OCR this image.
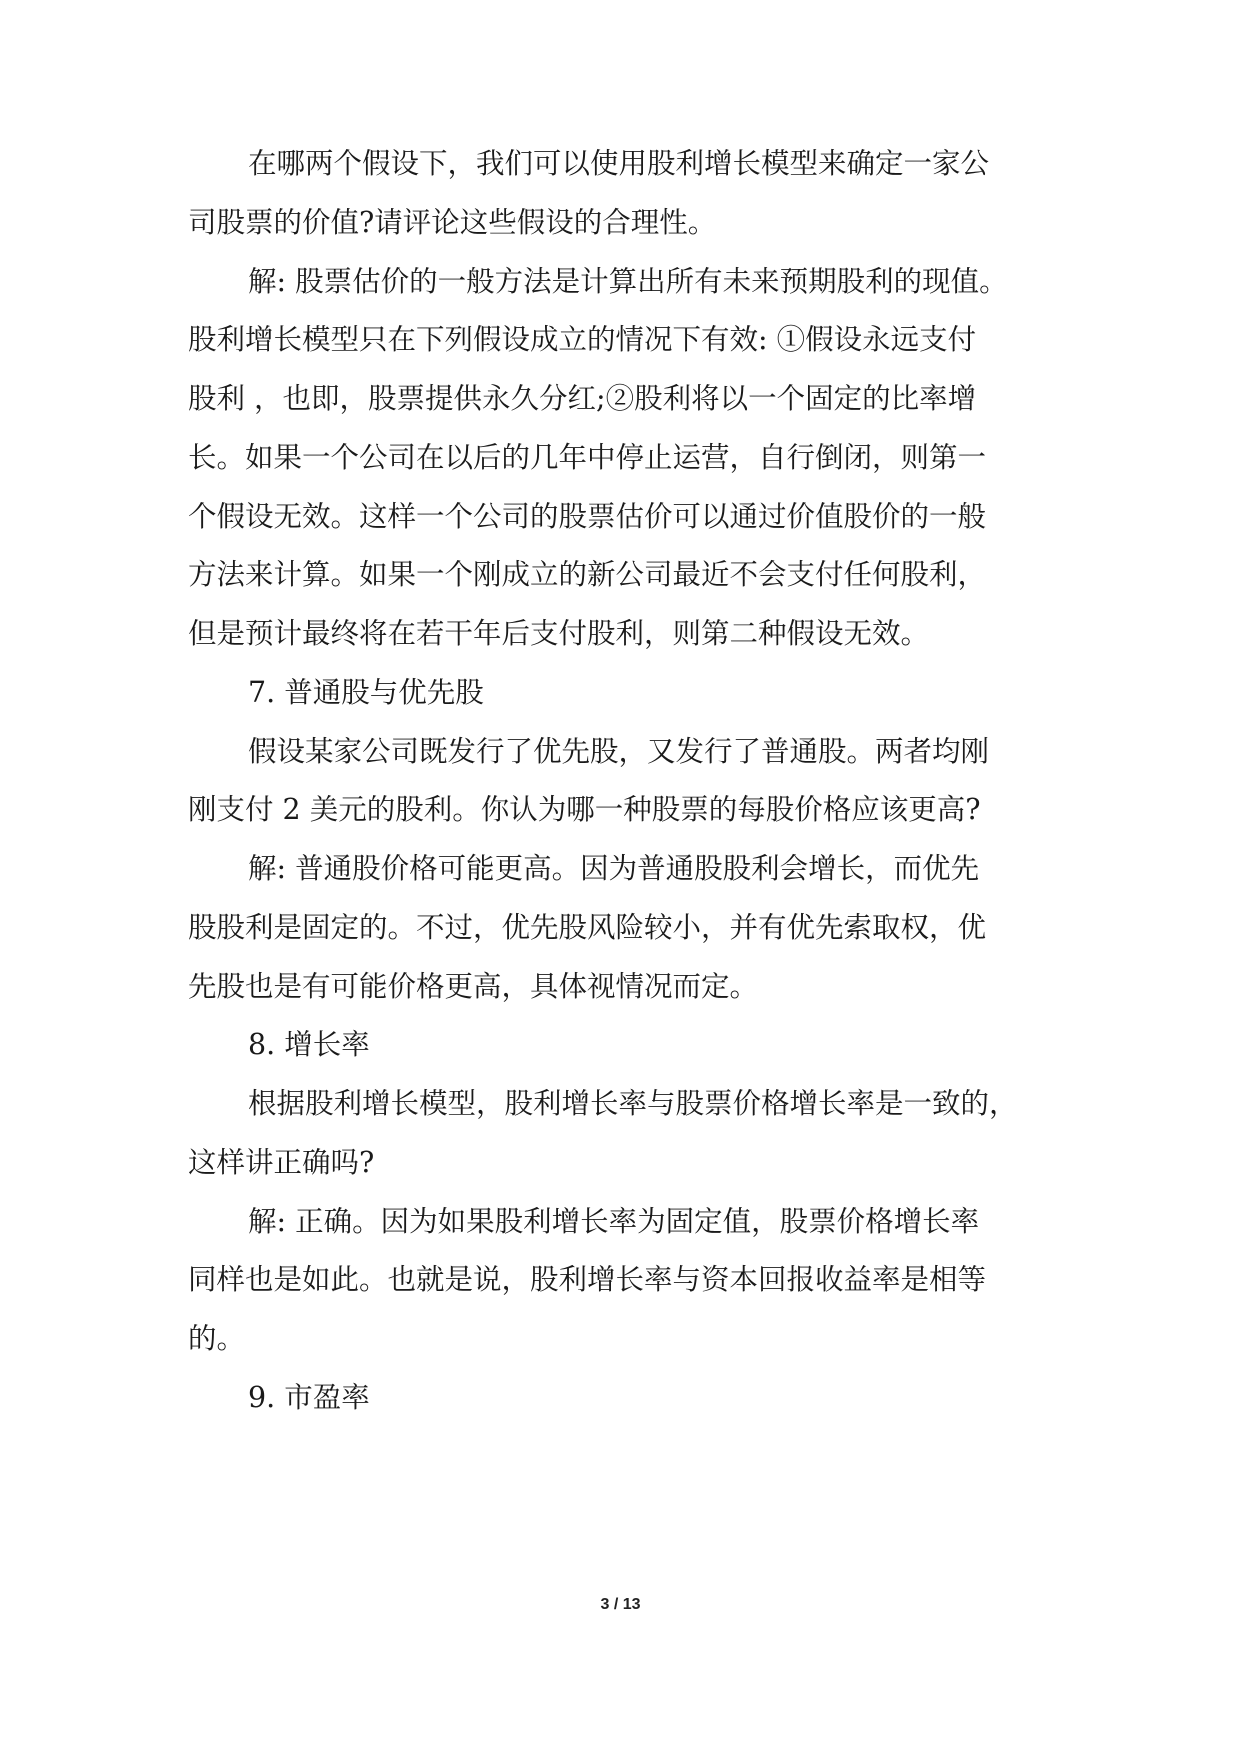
在哪两个假设下，我们可以使用股利增长模型来确定一家公
司股票的价值?请评论这些假设的合理性。
解: 股票估价的一般方法是计算出所有未来预期股利的现值。
股利增长模型只在下列假设成立的情况下有效: ①假设永远支付
股利 ，也即，股票提供永久分红;②股利将以一个固定的比率增
长。如果一个公司在以后的几年中停止运营，自行倒闭，则第一
个假设无效。这样一个公司的股票估价可以通过价值股价的一般
方法来计算。如果一个刚成立的新公司最近不会支付任何股利，
但是预计最终将在若干年后支付股利，则第二种假设无效。
7. 普通股与优先股
假设某家公司既发行了优先股，又发行了普通股。两者均刚
刚支付 2 美元的股利。你认为哪一种股票的每股价格应该更高?
解: 普通股价格可能更高。因为普通股股利会增长，而优先
股股利是固定的。不过，优先股风险较小，并有优先索取权，优
先股也是有可能价格更高，具体视情况而定。
8. 增长率
根据股利增长模型，股利增长率与股票价格增长率是一致的，
这样讲正确吗?
解: 正确。因为如果股利增长率为固定值，股票价格增长率
同样也是如此。也就是说，股利增长率与资本回报收益率是相等
的。
9. 市盈率
3 / 13
